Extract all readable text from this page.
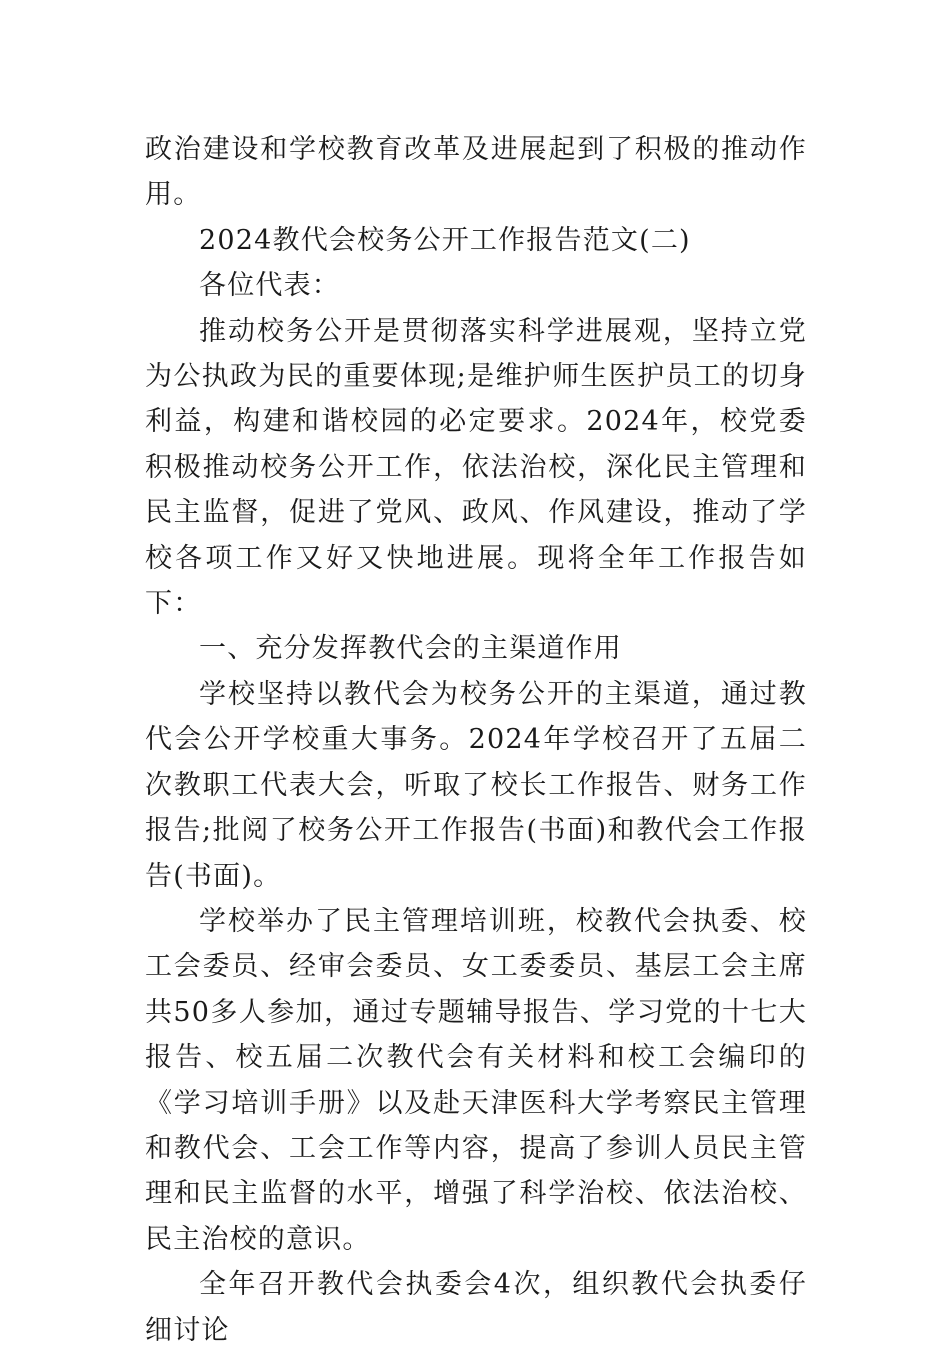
政治建设和学校教育改革及进展起到了积极的推动作用。

2024教代会校务公开工作报告范文(二)

各位代表：

推动校务公开是贯彻落实科学进展观，坚持立党为公执政为民的重要体现;是维护师生医护员工的切身利益，构建和谐校园的必定要求。2024年，校党委积极推动校务公开工作，依法治校，深化民主管理和民主监督，促进了党风、政风、作风建设，推动了学校各项工作又好又快地进展。现将全年工作报告如下：

一、充分发挥教代会的主渠道作用

学校坚持以教代会为校务公开的主渠道，通过教代会公开学校重大事务。2024年学校召开了五届二次教职工代表大会，听取了校长工作报告、财务工作报告;批阅了校务公开工作报告(书面)和教代会工作报告(书面)。

学校举办了民主管理培训班，校教代会执委、校工会委员、经审会委员、女工委委员、基层工会主席共50多人参加，通过专题辅导报告、学习党的十七大报告、校五届二次教代会有关材料和校工会编印的《学习培训手册》以及赴天津医科大学考察民主管理和教代会、工会工作等内容，提高了参训人员民主管理和民主监督的水平，增强了科学治校、依法治校、民主治校的意识。

全年召开教代会执委会4次，组织教代会执委仔细讨论
